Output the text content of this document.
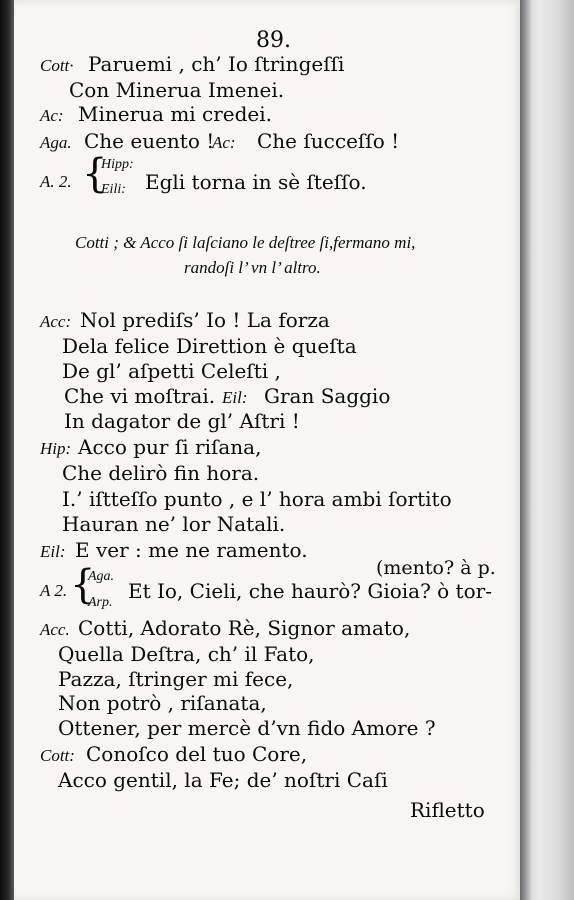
89.
Cott· Paruemi , ch’ Io ſtringeſſi
Con Minerua Imenei.
Ac: Minerua mi credei.
Aga. Che euento !
Ac: Che ſucceſſo !
A. 2. {
Hipp:
Eili: Egli torna in sè ſteſſo.
Cotti ; & Acco ſi laſciano le deſtree ſi,fermano mi,
randoſi l’ vn l’ altro.
Acc: Nol prediſs’ Io ! La forza
Dela felice Direttion è queſta
De gl’ aſpetti Celeſti ,
Che vi moſtrai. Eil: Gran Saggio
In dagator de gl’ Aſtri !
Hip: Acco pur ſi riſana,
Che delirò fin hora.
I.’ iſtteſſo punto , e l’ hora ambi ſortito
Hauran ne’ lor Natali.
Eil: E ver : me ne ramento.
(mento? à p.
A 2. {
Aga.
Arp. Et Io, Cieli, che haurò? Gioia? ò tor-
Acc. Cotti, Adorato Rè, Signor amato,
Quella Deſtra, ch’ il Fato,
Pazza, ſtringer mi fece,
Non potrò , riſanata,
Ottener, per mercè d’vn fido Amore ?
Cott: Conoſco del tuo Core,
Acco gentil, la Fe; de’ noſtri Caſi
Rifletto
